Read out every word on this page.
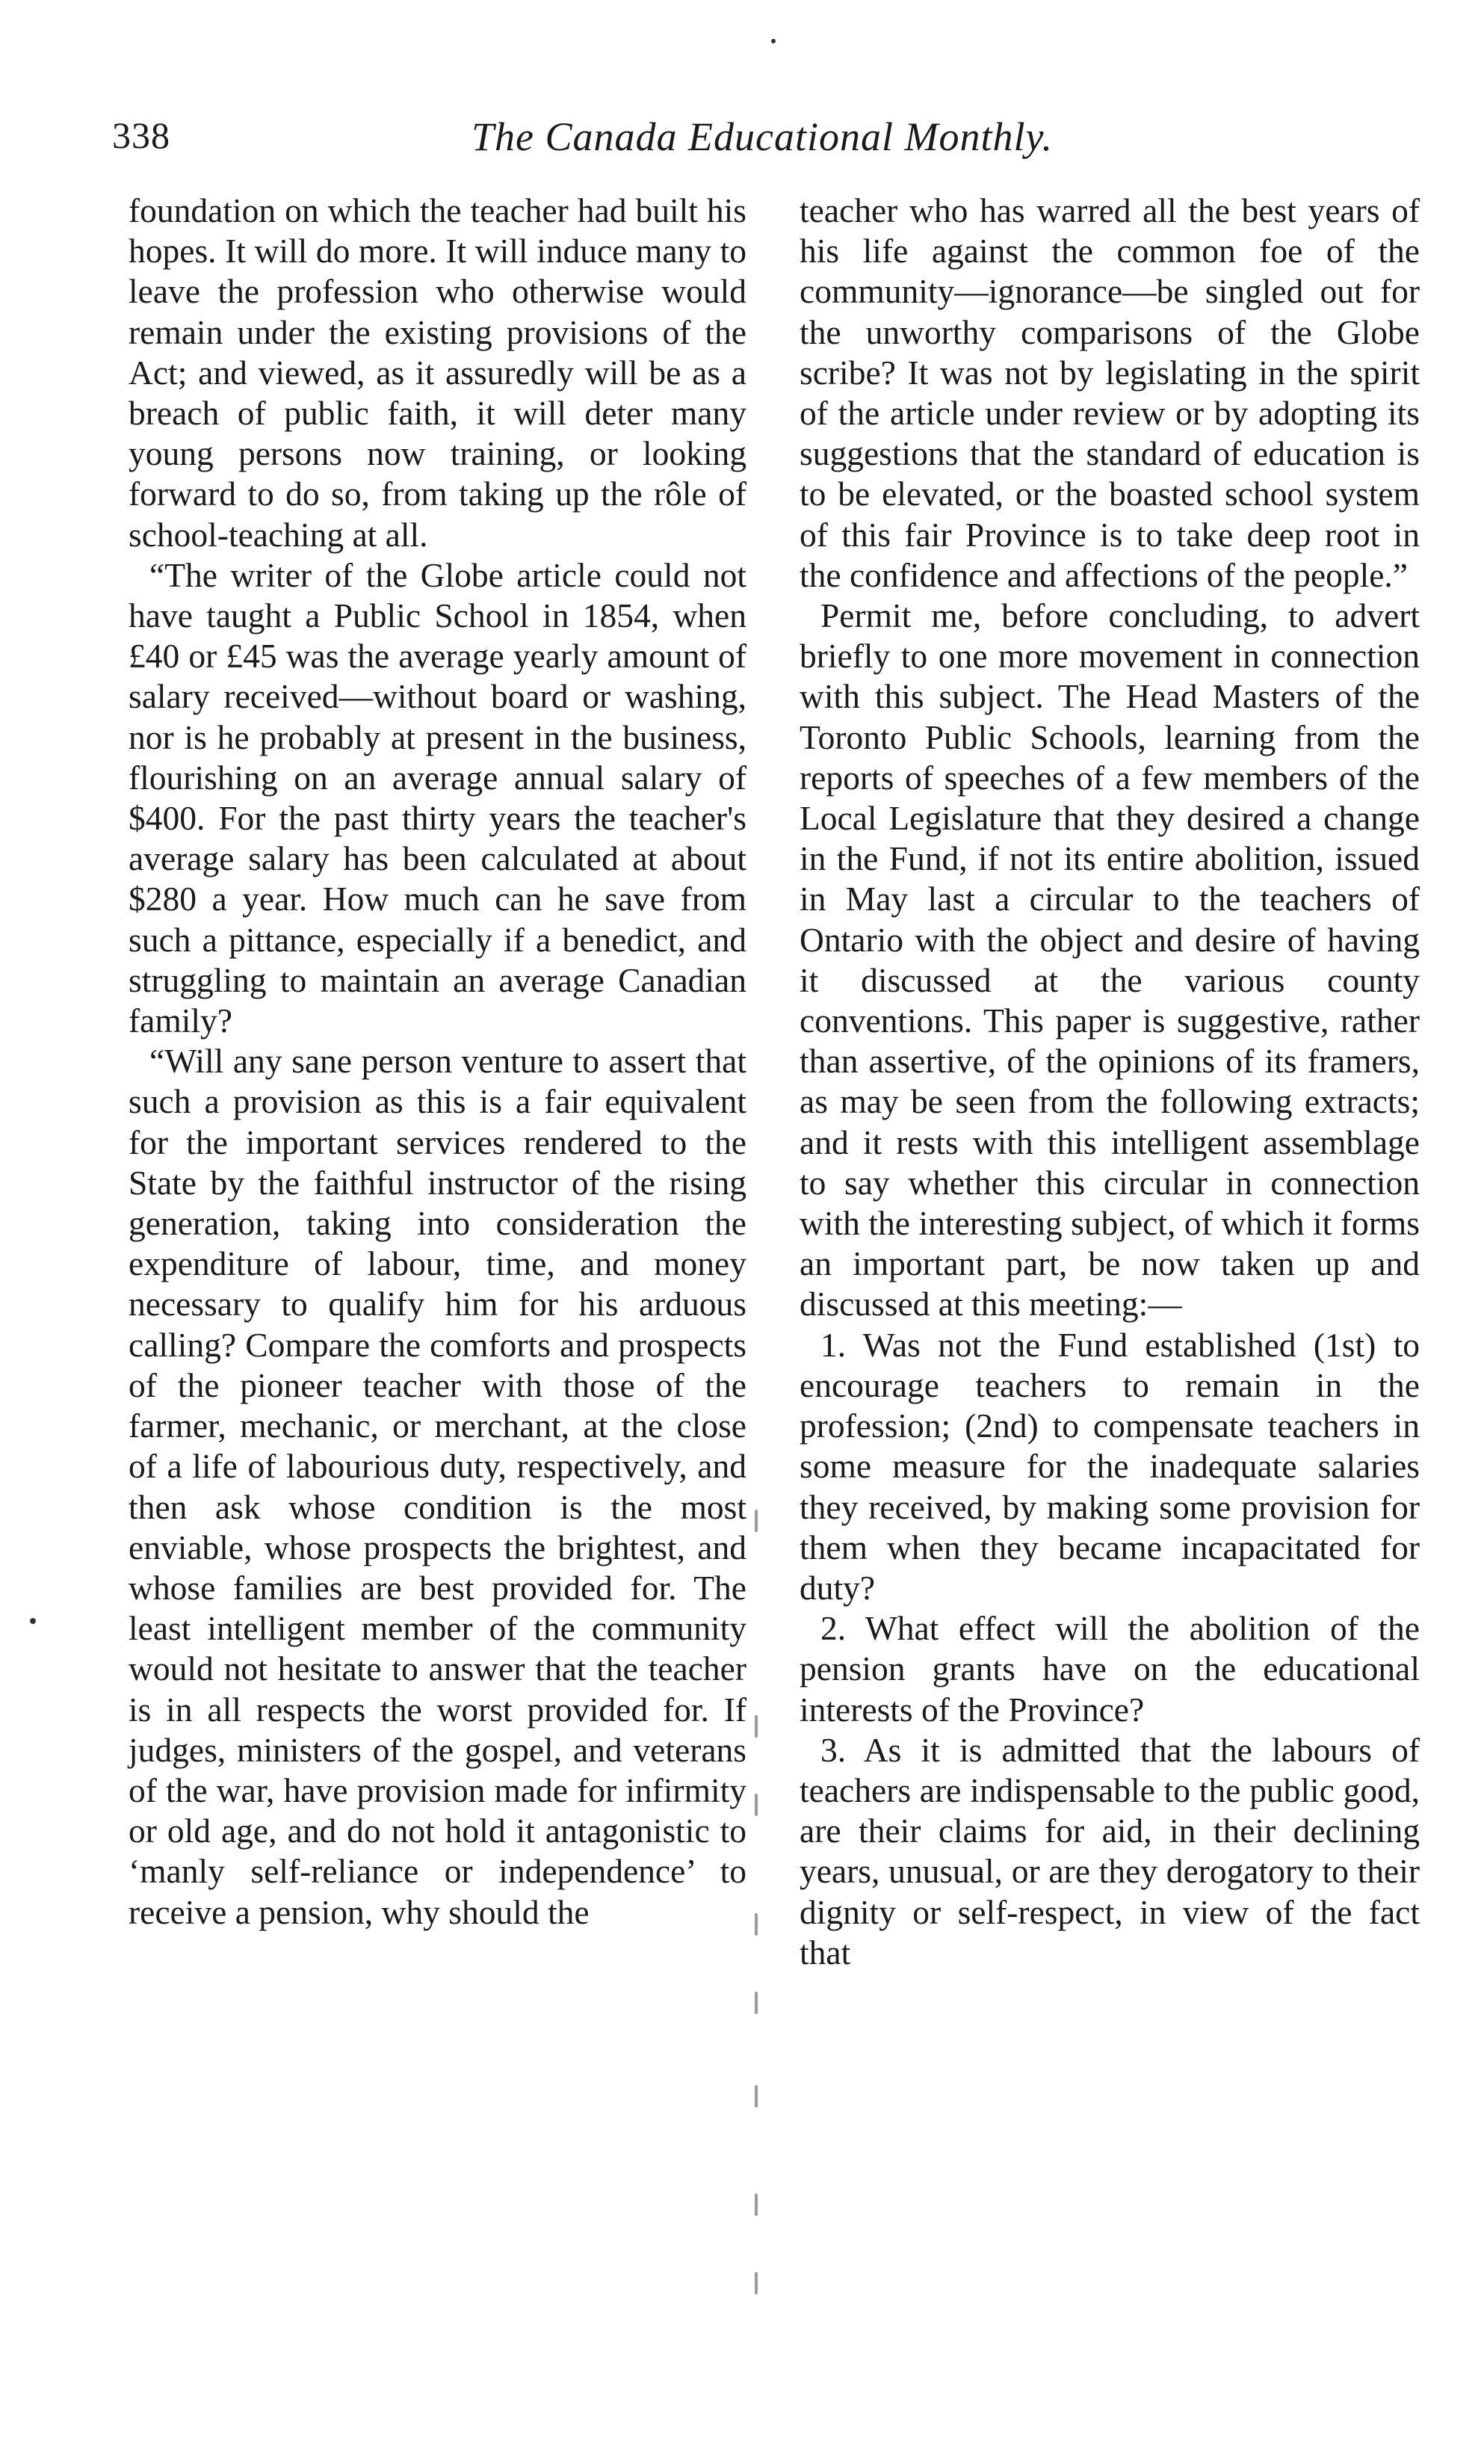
338	The Canada Educational Monthly.

foundation on which the teacher had built his hopes. It will do more. It will induce many to leave the profession who otherwise would remain under the existing provisions of the Act; and viewed, as it assuredly will be as a breach of public faith, it will deter many young persons now training, or looking forward to do so, from taking up the rôle of school-teaching at all.

“The writer of the Globe article could not have taught a Public School in 1854, when £40 or £45 was the average yearly amount of salary received—without board or washing, nor is he probably at present in the business, flourishing on an average annual salary of $400. For the past thirty years the teacher's average salary has been calculated at about $280 a year. How much can he save from such a pittance, especially if a benedict, and struggling to maintain an average Canadian family?

“Will any sane person venture to assert that such a provision as this is a fair equivalent for the important services rendered to the State by the faithful instructor of the rising generation, taking into consideration the expenditure of labour, time, and money necessary to qualify him for his arduous calling? Compare the comforts and prospects of the pioneer teacher with those of the farmer, mechanic, or merchant, at the close of a life of labourious duty, respectively, and then ask whose condition is the most enviable, whose prospects the brightest, and whose families are best provided for. The least intelligent member of the community would not hesitate to answer that the teacher is in all respects the worst provided for. If judges, ministers of the gospel, and veterans of the war, have provision made for infirmity or old age, and do not hold it antagonistic to ‘manly self-reliance or independence’ to receive a pension, why should the

teacher who has warred all the best years of his life against the common foe of the community—ignorance—be singled out for the unworthy comparisons of the Globe scribe? It was not by legislating in the spirit of the article under review or by adopting its suggestions that the standard of education is to be elevated, or the boasted school system of this fair Province is to take deep root in the confidence and affections of the people.”

Permit me, before concluding, to advert briefly to one more movement in connection with this subject. The Head Masters of the Toronto Public Schools, learning from the reports of speeches of a few members of the Local Legislature that they desired a change in the Fund, if not its entire abolition, issued in May last a circular to the teachers of Ontario with the object and desire of having it discussed at the various county conventions. This paper is suggestive, rather than assertive, of the opinions of its framers, as may be seen from the following extracts; and it rests with this intelligent assemblage to say whether this circular in connection with the interesting subject, of which it forms an important part, be now taken up and discussed at this meeting:—

1. Was not the Fund established (1st) to encourage teachers to remain in the profession; (2nd) to compensate teachers in some measure for the inadequate salaries they received, by making some provision for them when they became incapacitated for duty?

2. What effect will the abolition of the pension grants have on the educational interests of the Province?

3. As it is admitted that the labours of teachers are indispensable to the public good, are their claims for aid, in their declining years, unusual, or are they derogatory to their dignity or self-respect, in view of the fact that
